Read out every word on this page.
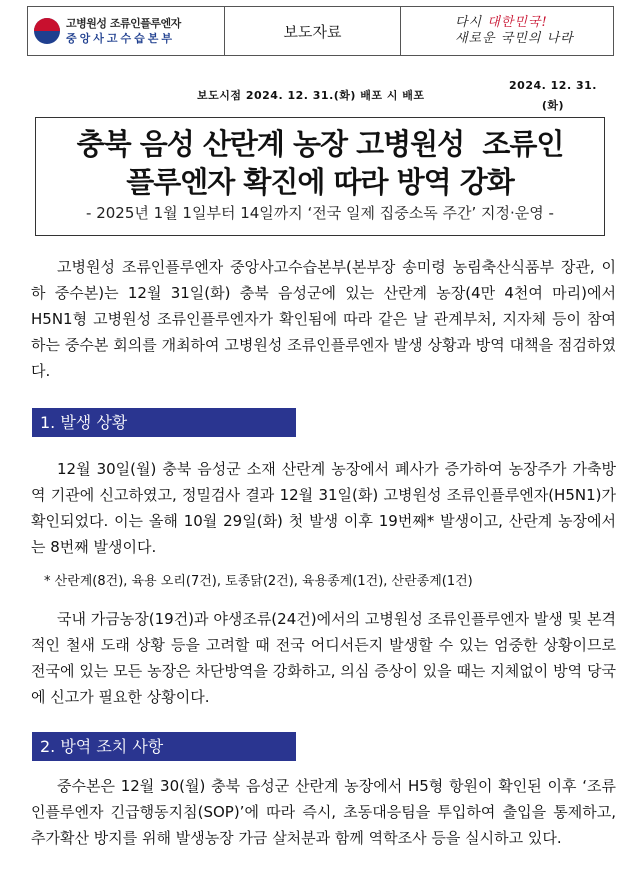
고병원성 조류인플루엔자
중앙사고수습본부	보도자료	다시 대한민국!
새로운 국민의 나라
보도시점 2024. 12. 31.(화) 배포 시 배포
2024. 12. 31.
(화)
충북 음성 산란계 농장 고병원성  조류인
플루엔자 확진에 따라 방역 강화
- 2025년 1월 1일부터 14일까지 ‘전국 일제 집중소독 주간’ 지정·운영 -

고병원성 조류인플루엔자 중앙사고수습본부(본부장 송미령 농림축산식품부 장관, 이하 중수본)는 12월 31일(화) 충북 음성군에 있는 산란계 농장(4만 4천여 마리)에서 H5N1형 고병원성 조류인플루엔자가 확인됨에 따라 같은 날 관계부처, 지자체 등이 참여하는 중수본 회의를 개최하여 고병원성 조류인플루엔자 발생 상황과 방역 대책을 점검하였다.

1. 발생 상황

12월 30일(월) 충북 음성군 소재 산란계 농장에서 폐사가 증가하여 농장주가 가축방역 기관에 신고하였고, 정밀검사 결과 12월 31일(화) 고병원성 조류인플루엔자(H5N1)가 확인되었다. 이는 올해 10월 29일(화) 첫 발생 이후 19번째* 발생이고, 산란계 농장에서는 8번째 발생이다.

* 산란계(8건), 육용 오리(7건), 토종닭(2건), 육용종계(1건), 산란종계(1건)

국내 가금농장(19건)과 야생조류(24건)에서의 고병원성 조류인플루엔자 발생 및 본격적인 철새 도래 상황 등을 고려할 때 전국 어디서든지 발생할 수 있는 엄중한 상황이므로 전국에 있는 모든 농장은 차단방역을 강화하고, 의심 증상이 있을 때는 지체없이 방역 당국에 신고가 필요한 상황이다.

2. 방역 조치 사항

중수본은 12월 30(월) 충북 음성군 산란계 농장에서 H5형 항원이 확인된 이후 ‘조류인플루엔자 긴급행동지침(SOP)’에 따라 즉시, 초동대응팀을 투입하여 출입을 통제하고, 추가확산 방지를 위해 발생농장 가금 살처분과 함께 역학조사 등을 실시하고 있다.
